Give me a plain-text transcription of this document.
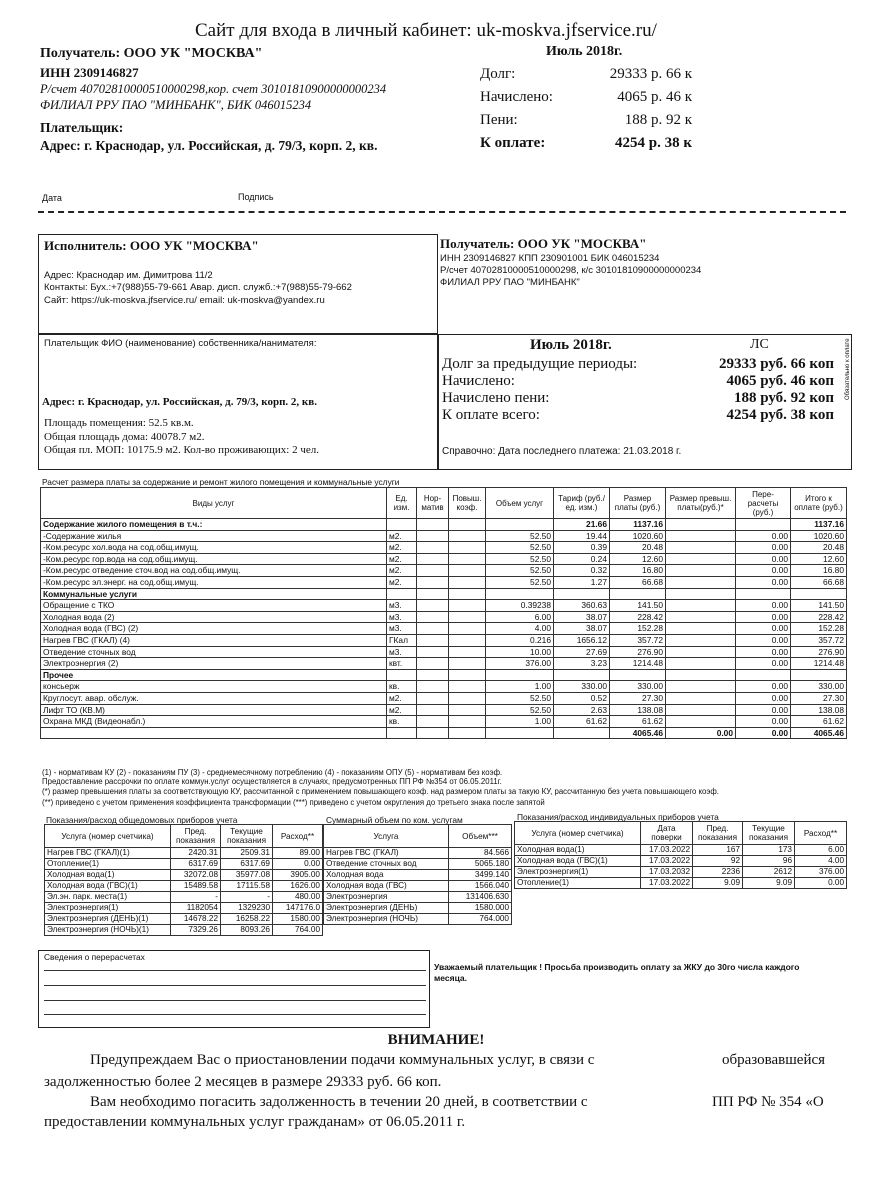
Сайт для входа в личный кабинет: uk-moskva.jfservice.ru/
Получатель: ООО УК "МОСКВА"
ИНН 2309146827
Р/счет 40702810000510000298,кор. счет 30101810900000000234
ФИЛИАЛ РРУ ПАО "МИНБАНК", БИК 046015234
Плательщик:
Адрес: г. Краснодар, ул. Российская, д. 79/3, корп. 2, кв.
Июль 2018г.
Долг:	29333 р. 66 к
Начислено:	4065 р. 46 к
Пени:	188 р. 92 к
К оплате:	4254 р. 38 к
Дата	Подпись
Исполнитель: ООО УК "МОСКВА"
Адрес: Краснодар им. Димитрова 11/2
Контакты: Бух.:+7(988)55-79-661 Авар. дисп. служб.:+7(988)55-79-662
Сайт: https://uk-moskva.jfservice.ru/ email: uk-moskva@yandex.ru
Получатель: ООО УК "МОСКВА"
ИНН 2309146827 КПП 230901001 БИК 046015234
Р/счет 40702810000510000298, к/с 30101810900000000234
ФИЛИАЛ РРУ ПАО "МИНБАНК"
Плательщик ФИО (наименование) собственника/нанимателя:
Адрес: г. Краснодар, ул. Российская, д. 79/3, корп. 2, кв.
Площадь помещения: 52.5 кв.м.
Общая площадь дома: 40078.7 м2.
Общая пл. МОП: 10175.9 м2. Кол-во проживающих: 2 чел.
Июль 2018г.	ЛС
Долг за предыдущие периоды:	29333 руб. 66 коп
Начислено:	4065 руб. 46 коп
Начислено пени:	188 руб. 92 коп
К оплате всего:	4254 руб. 38 коп
Справочно: Дата последнего платежа: 21.03.2018 г.
Обязательно к оплате
Расчет размера платы за содержание и ремонт жилого помещения и коммунальные услуги
Виды услуг	Ед. изм.	Нор-матив	Повыш. коэф.	Объем услуг	Тариф (руб./ед. изм.)	Размер платы (руб.)	Размер превыш. платы(руб.)*	Пере-расчеты (руб.)	Итого к оплате (руб.)
Содержание жилого помещения в т.ч.:					21.66	1137.16			1137.16
-Содержание жилья	м2.			52.50	19.44	1020.60		0.00	1020.60
-Ком.ресурс хол.вода на сод.общ.имущ.	м2.			52.50	0.39	20.48		0.00	20.48
-Ком.ресурс гор.вода на сод.общ.имущ.	м2.			52.50	0.24	12.60		0.00	12.60
-Ком.ресурс отведение сточ.вод на сод.общ.имущ.	м2.			52.50	0.32	16.80		0.00	16.80
-Ком.ресурс эл.энерг. на сод.общ.имущ.	м2.			52.50	1.27	66.68		0.00	66.68
Коммунальные услуги									
Обращение с ТКО	м3.			0.39238	360.63	141.50		0.00	141.50
Холодная вода (2)	м3.			6.00	38.07	228.42		0.00	228.42
Холодная вода (ГВС) (2)	м3.			4.00	38.07	152.28		0.00	152.28
Нагрев ГВС (ГКАЛ) (4)	ГКал			0.216	1656.12	357.72		0.00	357.72
Отведение сточных вод	м3.			10.00	27.69	276.90		0.00	276.90
Электроэнергия (2)	квт.			376.00	3.23	1214.48		0.00	1214.48
Прочее									
консьерж	кв.			1.00	330.00	330.00		0.00	330.00
Круглосут. авар. обслуж.	м2.			52.50	0.52	27.30		0.00	27.30
Лифт ТО (КВ.М)	м2.			52.50	2.63	138.08		0.00	138.08
Охрана МКД (Видеонабл.)	кв.			1.00	61.62	61.62		0.00	61.62
						4065.46	0.00	0.00	4065.46
(1) - нормативам КУ (2) - показаниям ПУ (3) - среднемесячному потреблению (4) - показаниям ОПУ (5) - нормативам без коэф.
Предоставление рассрочки по оплате коммун.услуг осуществляется в случаях, предусмотренных ПП РФ №354 от 06.05.2011г.
(*) размер превышения платы за соответствующую КУ, рассчитанной с применением повышающего коэф. над размером платы за такую КУ, рассчитанную без учета повышающего коэф.
(**) приведено с учетом применения коэффициента трансформации (***) приведено с учетом округления до третьего знака после запятой
Показания/расход общедомовых приборов учета
Услуга (номер счетчика)	Пред. показания	Текущие показания	Расход**
Нагрев ГВС (ГКАЛ)(1)	2420.31	2509.31	89.00
Отопление(1)	6317.69	6317.69	0.00
Холодная вода(1)	32072.08	35977.08	3905.00
Холодная вода (ГВС)(1)	15489.58	17115.58	1626.00
Эл.эн. парк. места(1)	-	-	480.00
Электроэнергия(1)	1182054	1329230	147176.0
Электроэнергия (ДЕНЬ)(1)	14678.22	16258.22	1580.00
Электроэнергия (НОЧЬ)(1)	7329.26	8093.26	764.00
Суммарный объем по ком. услугам
Услуга	Объем***
Нагрев ГВС (ГКАЛ)	84.566
Отведение сточных вод	5065.180
Холодная вода	3499.140
Холодная вода (ГВС)	1566.040
Электроэнергия	131406.630
Электроэнергия (ДЕНЬ)	1580.000
Электроэнергия (НОЧЬ)	764.000
Показания/расход индивидуальных приборов учета
Услуга (номер счетчика)	Дата поверки	Пред. показания	Текущие показания	Расход**
Холодная вода(1)	17.03.2022	167	173	6.00
Холодная вода (ГВС)(1)	17.03.2022	92	96	4.00
Электроэнергия(1)	17.03.2032	2236	2612	376.00
Отопление(1)	17.03.2022	9.09	9.09	0.00
Сведения о перерасчетах
Уважаемый плательщик ! Просьба производить оплату за ЖКУ до 30го числа каждого месяца.
ВНИМАНИЕ!
Предупреждаем Вас о приостановлении подачи коммунальных услуг, в связи с	образовавшейся
задолженностью более 2 месяцев в размере 29333 руб. 66 коп.
Вам необходимо погасить задолженность в течении 20 дней, в соответствии с	ПП РФ № 354 «О
предоставлении коммунальных услуг гражданам» от 06.05.2011 г.
